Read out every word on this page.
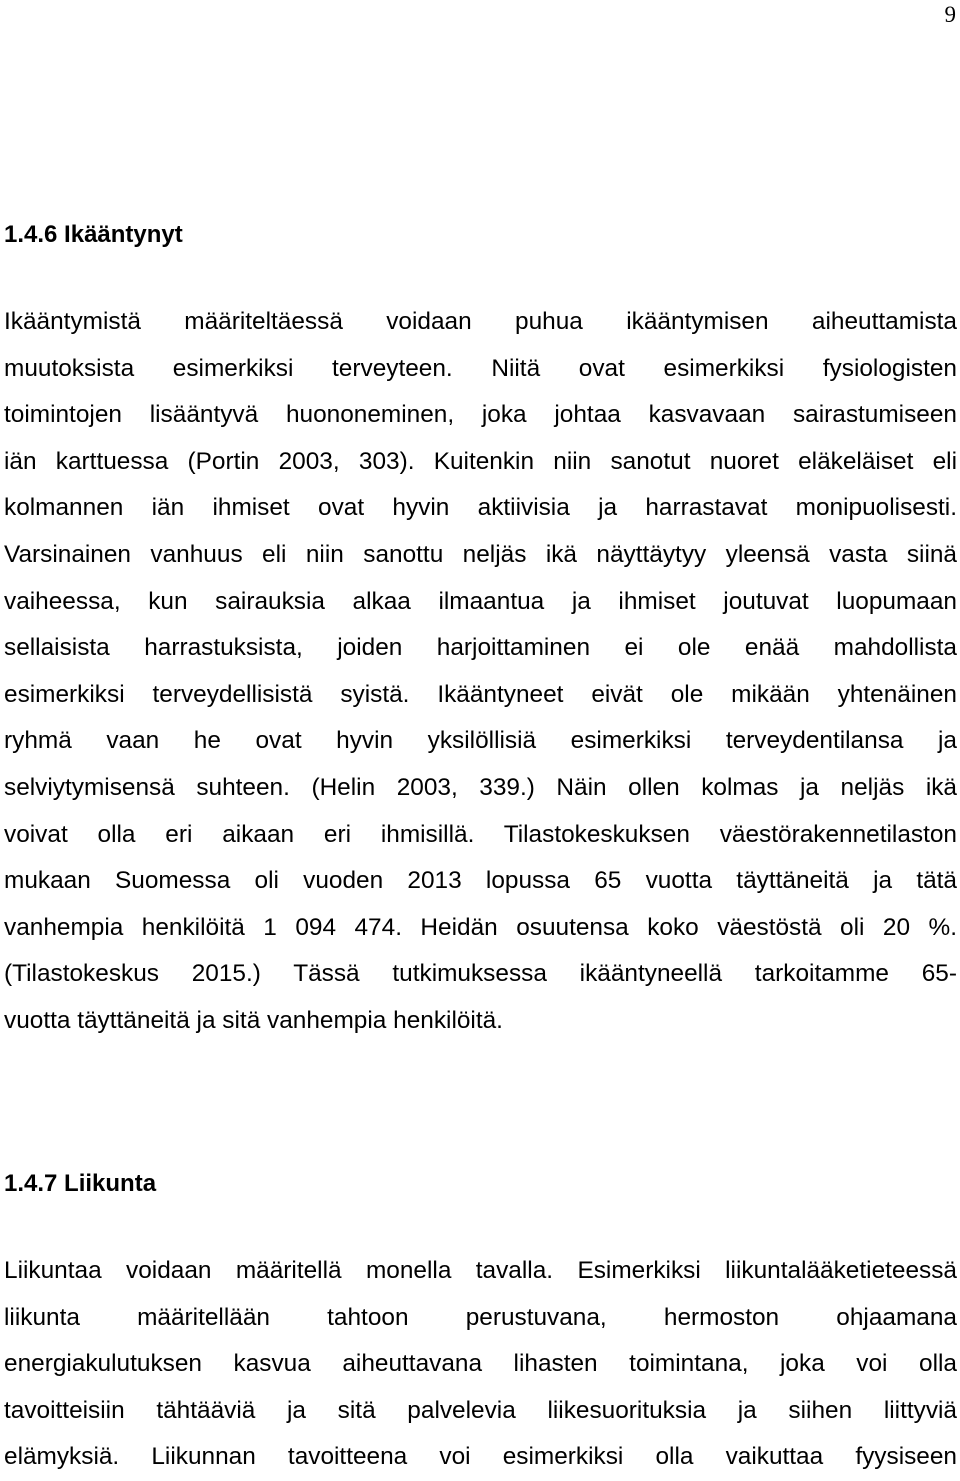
9
1.4.6 Ikääntynyt
Ikääntymistä määriteltäessä voidaan puhua ikääntymisen aiheuttamista
muutoksista esimerkiksi terveyteen. Niitä ovat esimerkiksi fysiologisten
toimintojen lisääntyvä huononeminen, joka johtaa kasvavaan sairastumiseen
iän karttuessa (Portin 2003, 303). Kuitenkin niin sanotut nuoret eläkeläiset eli
kolmannen iän ihmiset ovat hyvin aktiivisia ja harrastavat monipuolisesti.
Varsinainen vanhuus eli niin sanottu neljäs ikä näyttäytyy yleensä vasta siinä
vaiheessa, kun sairauksia alkaa ilmaantua ja ihmiset joutuvat luopumaan
sellaisista harrastuksista, joiden harjoittaminen ei ole enää mahdollista
esimerkiksi terveydellisistä syistä. Ikääntyneet eivät ole mikään yhtenäinen
ryhmä vaan he ovat hyvin yksilöllisiä esimerkiksi terveydentilansa ja
selviytymisensä suhteen. (Helin 2003, 339.) Näin ollen kolmas ja neljäs ikä
voivat olla eri aikaan eri ihmisillä. Tilastokeskuksen väestörakennetilaston
mukaan Suomessa oli vuoden 2013 lopussa 65 vuotta täyttäneitä ja tätä
vanhempia henkilöitä 1 094 474. Heidän osuutensa koko väestöstä oli 20 %.
(Tilastokeskus 2015.) Tässä tutkimuksessa ikääntyneellä tarkoitamme 65-
vuotta täyttäneitä ja sitä vanhempia henkilöitä.
1.4.7 Liikunta
Liikuntaa voidaan määritellä monella tavalla. Esimerkiksi liikuntalääketieteessä
liikunta määritellään tahtoon perustuvana, hermoston ohjaamana
energiakulutuksen kasvua aiheuttavana lihasten toimintana, joka voi olla
tavoitteisiin tähtääviä ja sitä palvelevia liikesuorituksia ja siihen liittyviä
elämyksiä. Liikunnan tavoitteena voi esimerkiksi olla vaikuttaa fyysiseen
